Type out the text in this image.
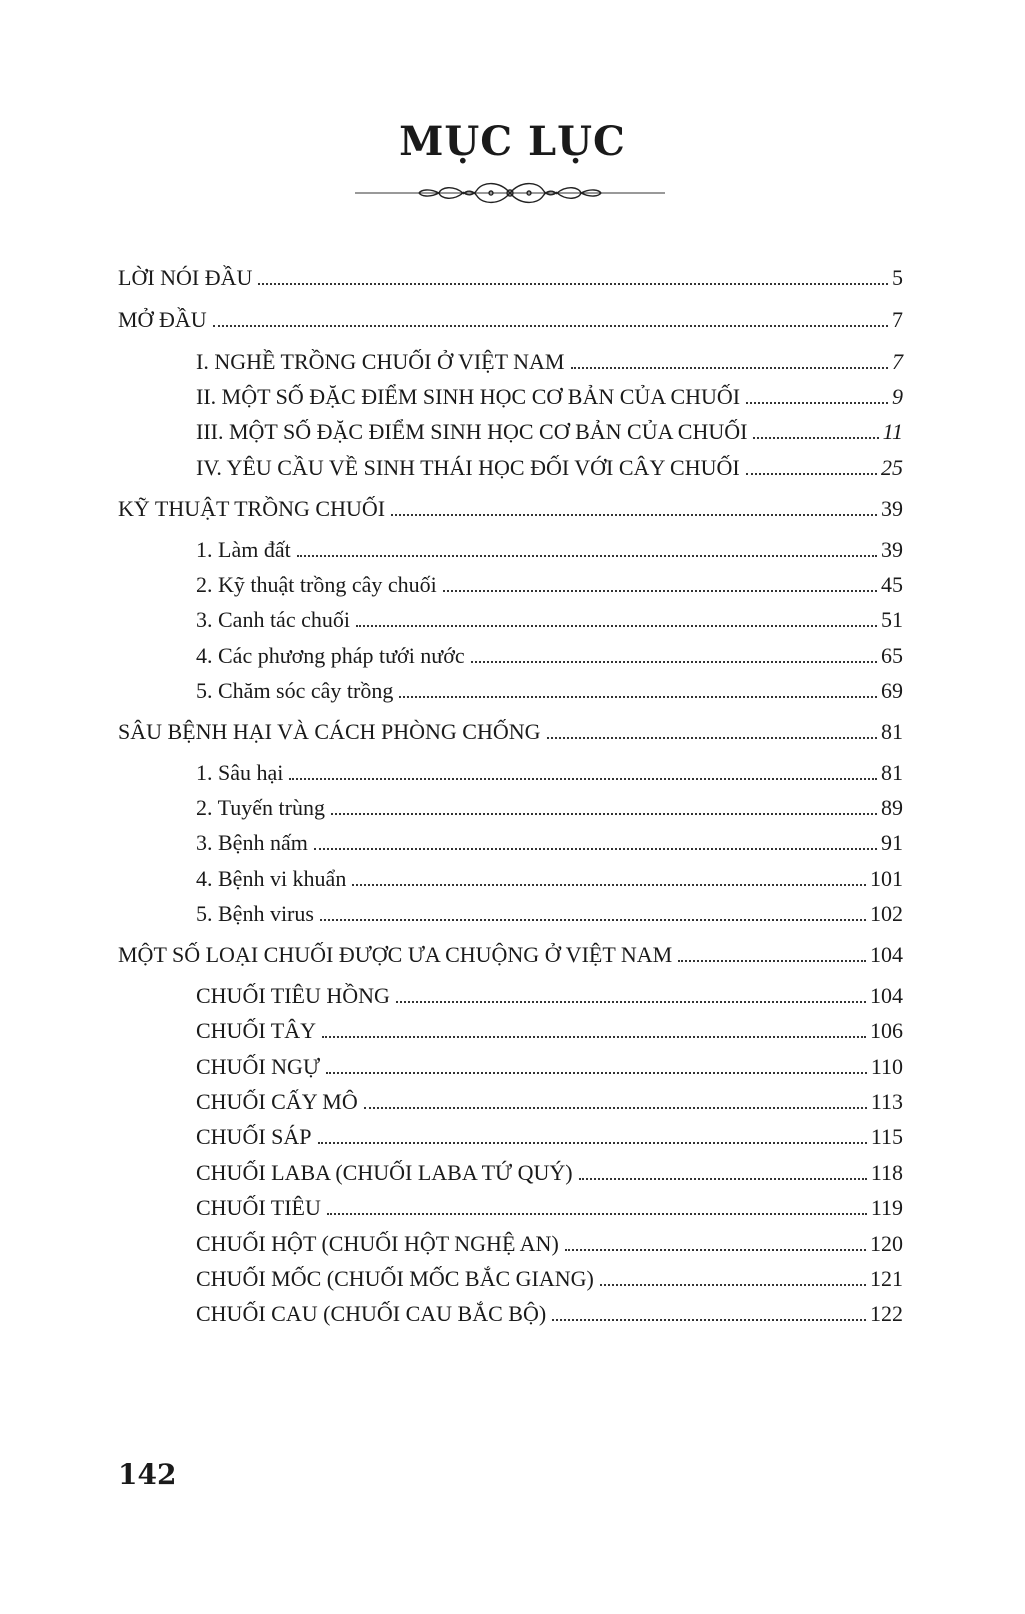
MỤC LỤC
LỜI NÓI ĐẦU	5
MỞ ĐẦU	7
I. NGHỀ TRỒNG CHUỐI Ở VIỆT NAM	7
II. MỘT SỐ ĐẶC ĐIỂM SINH HỌC CƠ BẢN CỦA CHUỐI	9
III. MỘT SỐ ĐẶC ĐIỂM SINH HỌC CƠ BẢN CỦA CHUỐI	11
IV. YÊU CẦU VỀ SINH THÁI HỌC ĐỐI VỚI CÂY CHUỐI	25
KỸ THUẬT TRỒNG CHUỐI	39
1. Làm đất	39
2. Kỹ thuật trồng cây chuối	45
3. Canh tác chuối	51
4. Các phương pháp tưới nước	65
5. Chăm sóc cây trồng	69
SÂU BỆNH HẠI VÀ CÁCH PHÒNG CHỐNG	81
1. Sâu hại	81
2. Tuyến trùng	89
3. Bệnh nấm	91
4. Bệnh vi khuẩn	101
5. Bệnh virus	102
MỘT SỐ LOẠI CHUỐI ĐƯỢC ƯA CHUỘNG Ở VIỆT NAM	104
CHUỐI TIÊU HỒNG	104
CHUỐI TÂY	106
CHUỐI NGỰ	110
CHUỐI CẤY MÔ	113
CHUỐI SÁP	115
CHUỐI LABA (CHUỐI LABA TỨ QUÝ)	118
CHUỐI TIÊU	119
CHUỐI HỘT (CHUỐI HỘT NGHỆ AN)	120
CHUỐI MỐC (CHUỐI MỐC BẮC GIANG)	121
CHUỐI CAU (CHUỐI CAU BẮC BỘ)	122
142
